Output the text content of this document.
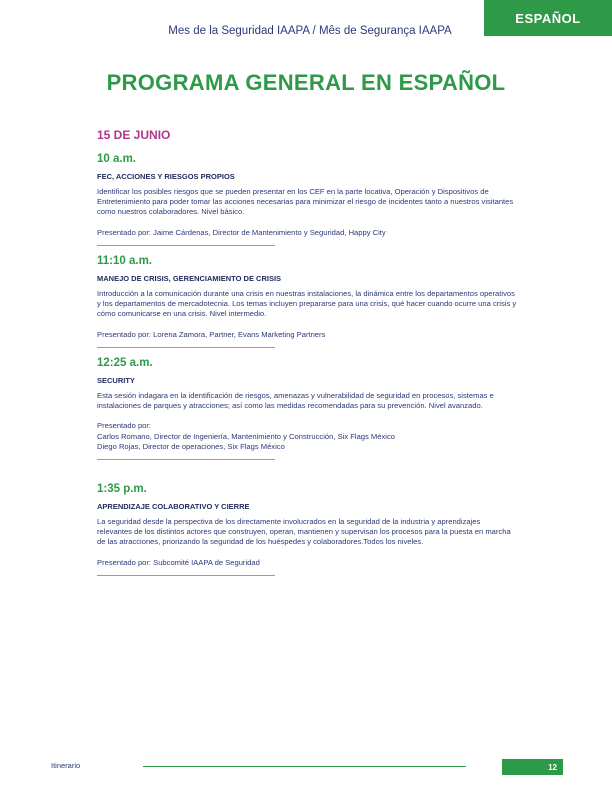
ESPAÑOL
Mes de la Seguridad IAAPA / Mês de Segurança IAAPA
PROGRAMA GENERAL EN ESPAÑOL
15 DE JUNIO
10 a.m.
FEC, ACCIONES Y RIESGOS PROPIOS
Identificar los posibles riesgos que se pueden presentar en los CEF en la parte locativa, Operación y Dispositivos de Entretenimiento para poder tomar las acciones necesarias para minimizar el riesgo de incidentes tanto a nuestros visitantes como nuestros colaboradores. Nivel básico.
Presentado por: Jaime Cárdenas, Director de Mantenimiento y Seguridad, Happy City
11:10 a.m.
MANEJO DE CRISIS, GERENCIAMIENTO DE CRISIS
Introducción a la comunicación durante una crisis en nuestras instalaciones, la dinámica entre los departamentos operativos y los departamentos de mercadotecnia. Los temas incluyen prepararse para una crisis, qué hacer cuando ocurre una crisis y cómo comunicarse en una crisis. Nivel intermedio.
Presentado por: Lorena Zamora, Partner, Evans Marketing Partners
12:25 a.m.
SECURITY
Esta sesión indagara en la identificación de riesgos, amenazas y vulnerabilidad de seguridad en procesos, sistemas e instalaciones de parques y atracciones; así como las medidas recomendadas para su prevención. Nivel avanzado.
Presentado por:
Carlos Romano, Director de Ingeniería, Mantenimiento y Construcción, Six Flags México
Diego Rojas, Director de operaciones, Six Flags México
1:35 p.m.
APRENDIZAJE COLABORATIVO Y CIERRE
La seguridad desde la perspectiva de los directamente involucrados en la seguridad de la industria y aprendizajes relevantes de los distintos actores que construyen, operan, mantienen y supervisan los procesos para la puesta en marcha de las atracciones, priorizando la seguridad de los huéspedes y colaboradores.Todos los niveles.
Presentado por: Subcomité IAAPA de Seguridad
Itinerario	12
